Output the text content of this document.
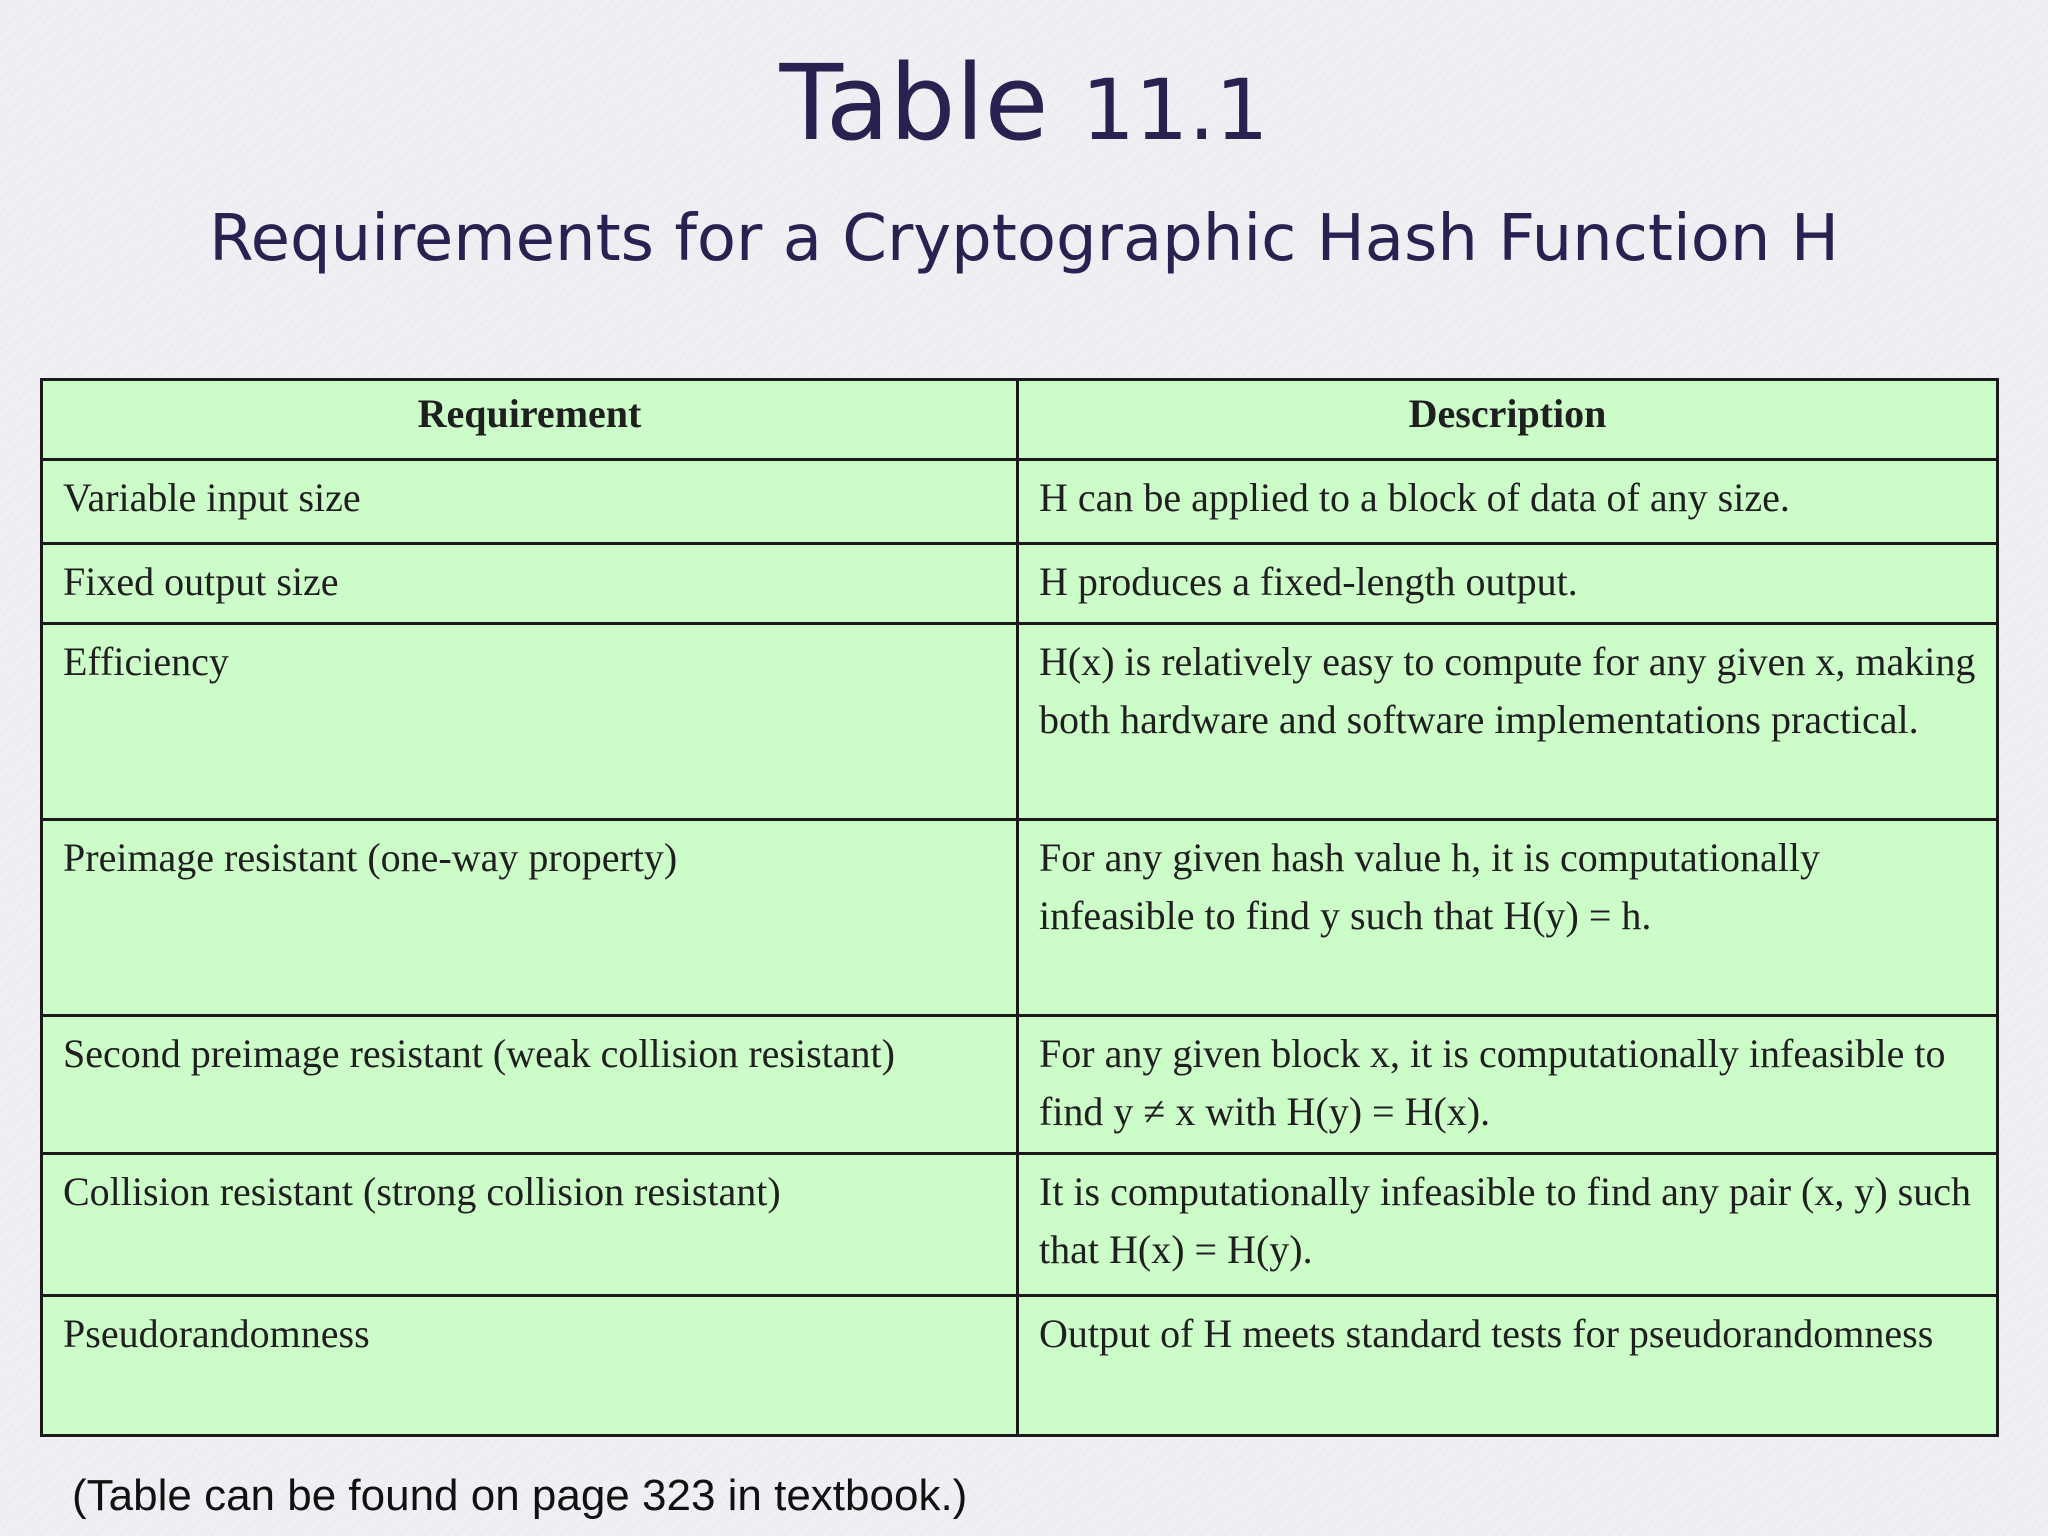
Table 11.1
Requirements for a Cryptographic Hash Function H
Requirement	Description
Variable input size	H can be applied to a block of data of any size.
Fixed output size	H produces a fixed-length output.
Efficiency	H(x) is relatively easy to compute for any given x, making both hardware and software implementations practical.
Preimage resistant (one-way property)	For any given hash value h, it is computationally infeasible to find y such that H(y) = h.
Second preimage resistant (weak collision resistant)	For any given block x, it is computationally infeasible to find y ≠ x with H(y) = H(x).
Collision resistant (strong collision resistant)	It is computationally infeasible to find any pair (x, y) such that H(x) = H(y).
Pseudorandomness	Output of H meets standard tests for pseudorandomness
(Table can be found on page 323 in textbook.)
